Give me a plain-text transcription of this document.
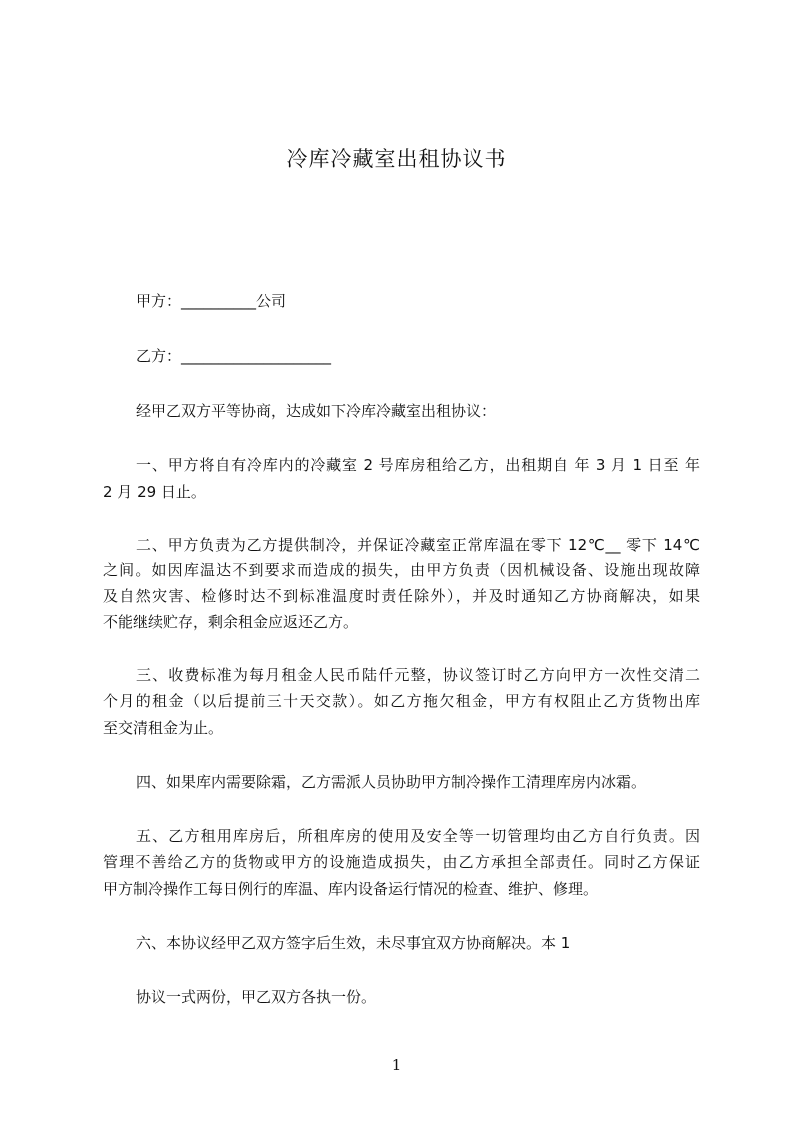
冷库冷藏室出租协议书
甲方：__________公司
乙方：____________________
经甲乙双方平等协商，达成如下冷库冷藏室出租协议：
一、甲方将自有冷库内的冷藏室 2 号库房租给乙方，出租期自 年 3 月 1 日至 年
2 月 29 日止。
二、甲方负责为乙方提供制冷，并保证冷藏室正常库温在零下 12℃__ 零下 14℃
之间。如因库温达不到要求而造成的损失，由甲方负责（因机械设备、设施出现故障
及自然灾害、检修时达不到标准温度时责任除外），并及时通知乙方协商解决，如果
不能继续贮存，剩余租金应返还乙方。
三、收费标准为每月租金人民币陆仟元整，协议签订时乙方向甲方一次性交清二
个月的租金（以后提前三十天交款）。如乙方拖欠租金，甲方有权阻止乙方货物出库
至交清租金为止。
四、如果库内需要除霜，乙方需派人员协助甲方制冷操作工清理库房内冰霜。
五、乙方租用库房后，所租库房的使用及安全等一切管理均由乙方自行负责。因
管理不善给乙方的货物或甲方的设施造成损失，由乙方承担全部责任。同时乙方保证
甲方制冷操作工每日例行的库温、库内设备运行情况的检查、维护、修理。
六、本协议经甲乙双方签字后生效，未尽事宜双方协商解决。本 1
协议一式两份，甲乙双方各执一份。
1
